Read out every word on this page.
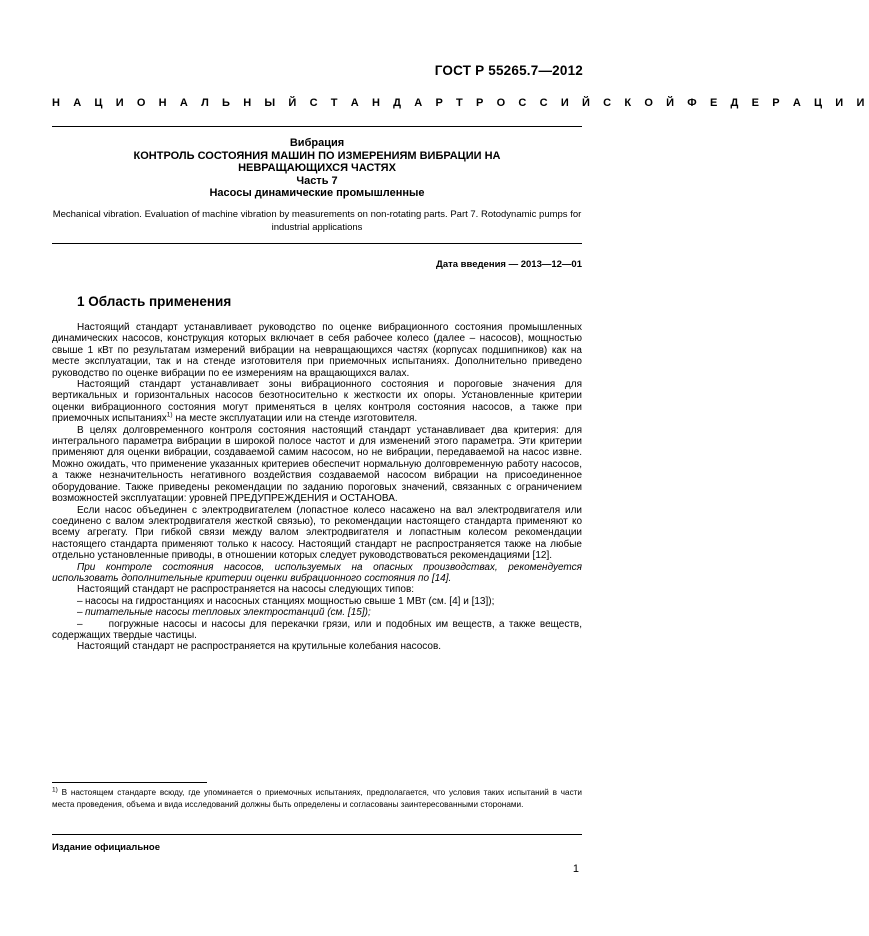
ГОСТ Р 55265.7—2012
Н А Ц И О Н А Л Ь Н Ы Й С Т А Н Д А Р Т Р О С С И Й С К О Й Ф Е Д Е Р А Ц И И
Вибрация
КОНТРОЛЬ СОСТОЯНИЯ МАШИН ПО ИЗМЕРЕНИЯМ ВИБРАЦИИ НА
НЕВРАЩАЮЩИХСЯ ЧАСТЯХ
Часть 7
Насосы динамические промышленные
Mechanical vibration. Evaluation of machine vibration by measurements on non-rotating parts. Part 7. Rotodynamic pumps for industrial applications
Дата введения — 2013—12—01
1 Область применения

Настоящий стандарт устанавливает руководство по оценке вибрационного состояния промышленных динамических насосов, конструкция которых включает в себя рабочее колесо (далее – насосов), мощностью свыше 1 кВт по результатам измерений вибрации на невращающихся частях (корпусах подшипников) как на месте эксплуатации, так и на стенде изготовителя при приемочных испытаниях. Дополнительно приведено руководство по оценке вибрации по ее измерениям на вращающихся валах.

Настоящий стандарт устанавливает зоны вибрационного состояния и пороговые значения для вертикальных и горизонтальных насосов безотносительно к жесткости их опоры. Установленные критерии оценки вибрационного состояния могут применяться в целях контроля состояния насосов, а также при приемочных испытаниях$^{1)}$ на месте эксплуатации или на стенде изготовителя.

В целях долговременного контроля состояния настоящий стандарт устанавливает два критерия: для интегрального параметра вибрации в широкой полосе частот и для изменений этого параметра. Эти критерии применяют для оценки вибрации, создаваемой самим насосом, но не вибрации, передаваемой на насос извне. Можно ожидать, что применение указанных критериев обеспечит нормальную долговременную работу насосов, а также незначительность негативного воздействия создаваемой насосом вибрации на присоединенное оборудование. Также приведены рекомендации по заданию пороговых значений, связанных с ограничением возможностей эксплуатации: уровней ПРЕДУПРЕЖДЕНИЯ и ОСТАНОВА.

Если насос объединен с электродвигателем (лопастное колесо насажено на вал электродвигателя или соединено с валом электродвигателя жесткой связью), то рекомендации настоящего стандарта применяют ко всему агрегату. При гибкой связи между валом электродвигателя и лопастным колесом рекомендации настоящего стандарта применяют только к насосу. Настоящий стандарт не распространяется также на любые отдельно установленные приводы, в отношении которых следует руководствоваться рекомендациями [12].

При контроле состояния насосов, используемых на опасных производствах, рекомендуется использовать дополнительные критерии оценки вибрационного состояния по [14].

Настоящий стандарт не распространяется на насосы следующих типов:

– насосы на гидростанциях и насосных станциях мощностью свыше 1 МВт (см. [4] и [13]);
– питательные насосы тепловых электростанций (см. [15]);
–	погружные насосы и насосы для перекачки грязи, или и подобных им веществ, а также веществ, содержащих твердые частицы.

Настоящий стандарт не распространяется на крутильные колебания насосов.

$^{1)}$ В настоящем стандарте всюду, где упоминается о приемочных испытаниях, предполагается, что условия таких испытаний в части места проведения, объема и вида исследований должны быть определены и согласованы заинтересованными сторонами.
Издание официальное
1
